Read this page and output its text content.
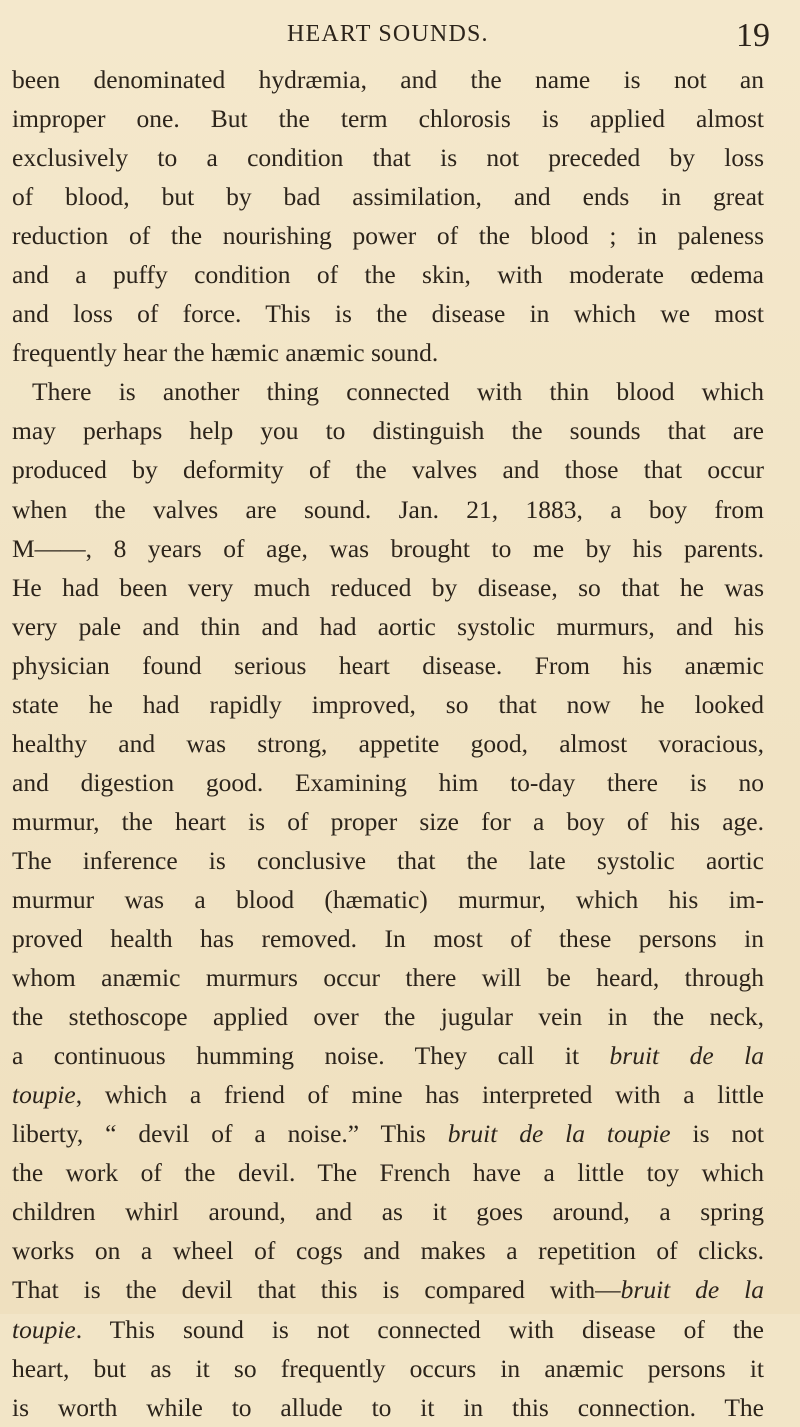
HEART SOUNDS.	19
been denominated hydræmia, and the name is not an
improper one. But the term chlorosis is applied almost
exclusively to a condition that is not preceded by loss
of blood, but by bad assimilation, and ends in great
reduction of the nourishing power of the blood ; in paleness
and a puffy condition of the skin, with moderate œdema
and loss of force. This is the disease in which we most
frequently hear the hæmic anæmic sound.
There is another thing connected with thin blood which
may perhaps help you to distinguish the sounds that are
produced by deformity of the valves and those that occur
when the valves are sound. Jan. 21, 1883, a boy from
M——, 8 years of age, was brought to me by his parents.
He had been very much reduced by disease, so that he was
very pale and thin and had aortic systolic murmurs, and his
physician found serious heart disease. From his anæmic
state he had rapidly improved, so that now he looked
healthy and was strong, appetite good, almost voracious,
and digestion good. Examining him to-day there is no
murmur, the heart is of proper size for a boy of his age.
The inference is conclusive that the late systolic aortic
murmur was a blood (hæmatic) murmur, which his im-
proved health has removed. In most of these persons in
whom anæmic murmurs occur there will be heard, through
the stethoscope applied over the jugular vein in the neck,
a continuous humming noise. They call it bruit de la
toupie, which a friend of mine has interpreted with a little
liberty, “ devil of a noise.” This bruit de la toupie is not
the work of the devil. The French have a little toy which
children whirl around, and as it goes around, a spring
works on a wheel of cogs and makes a repetition of clicks.
That is the devil that this is compared with—bruit de la
toupie. This sound is not connected with disease of the
heart, but as it so frequently occurs in anæmic persons it
is worth while to allude to it in this connection. The
